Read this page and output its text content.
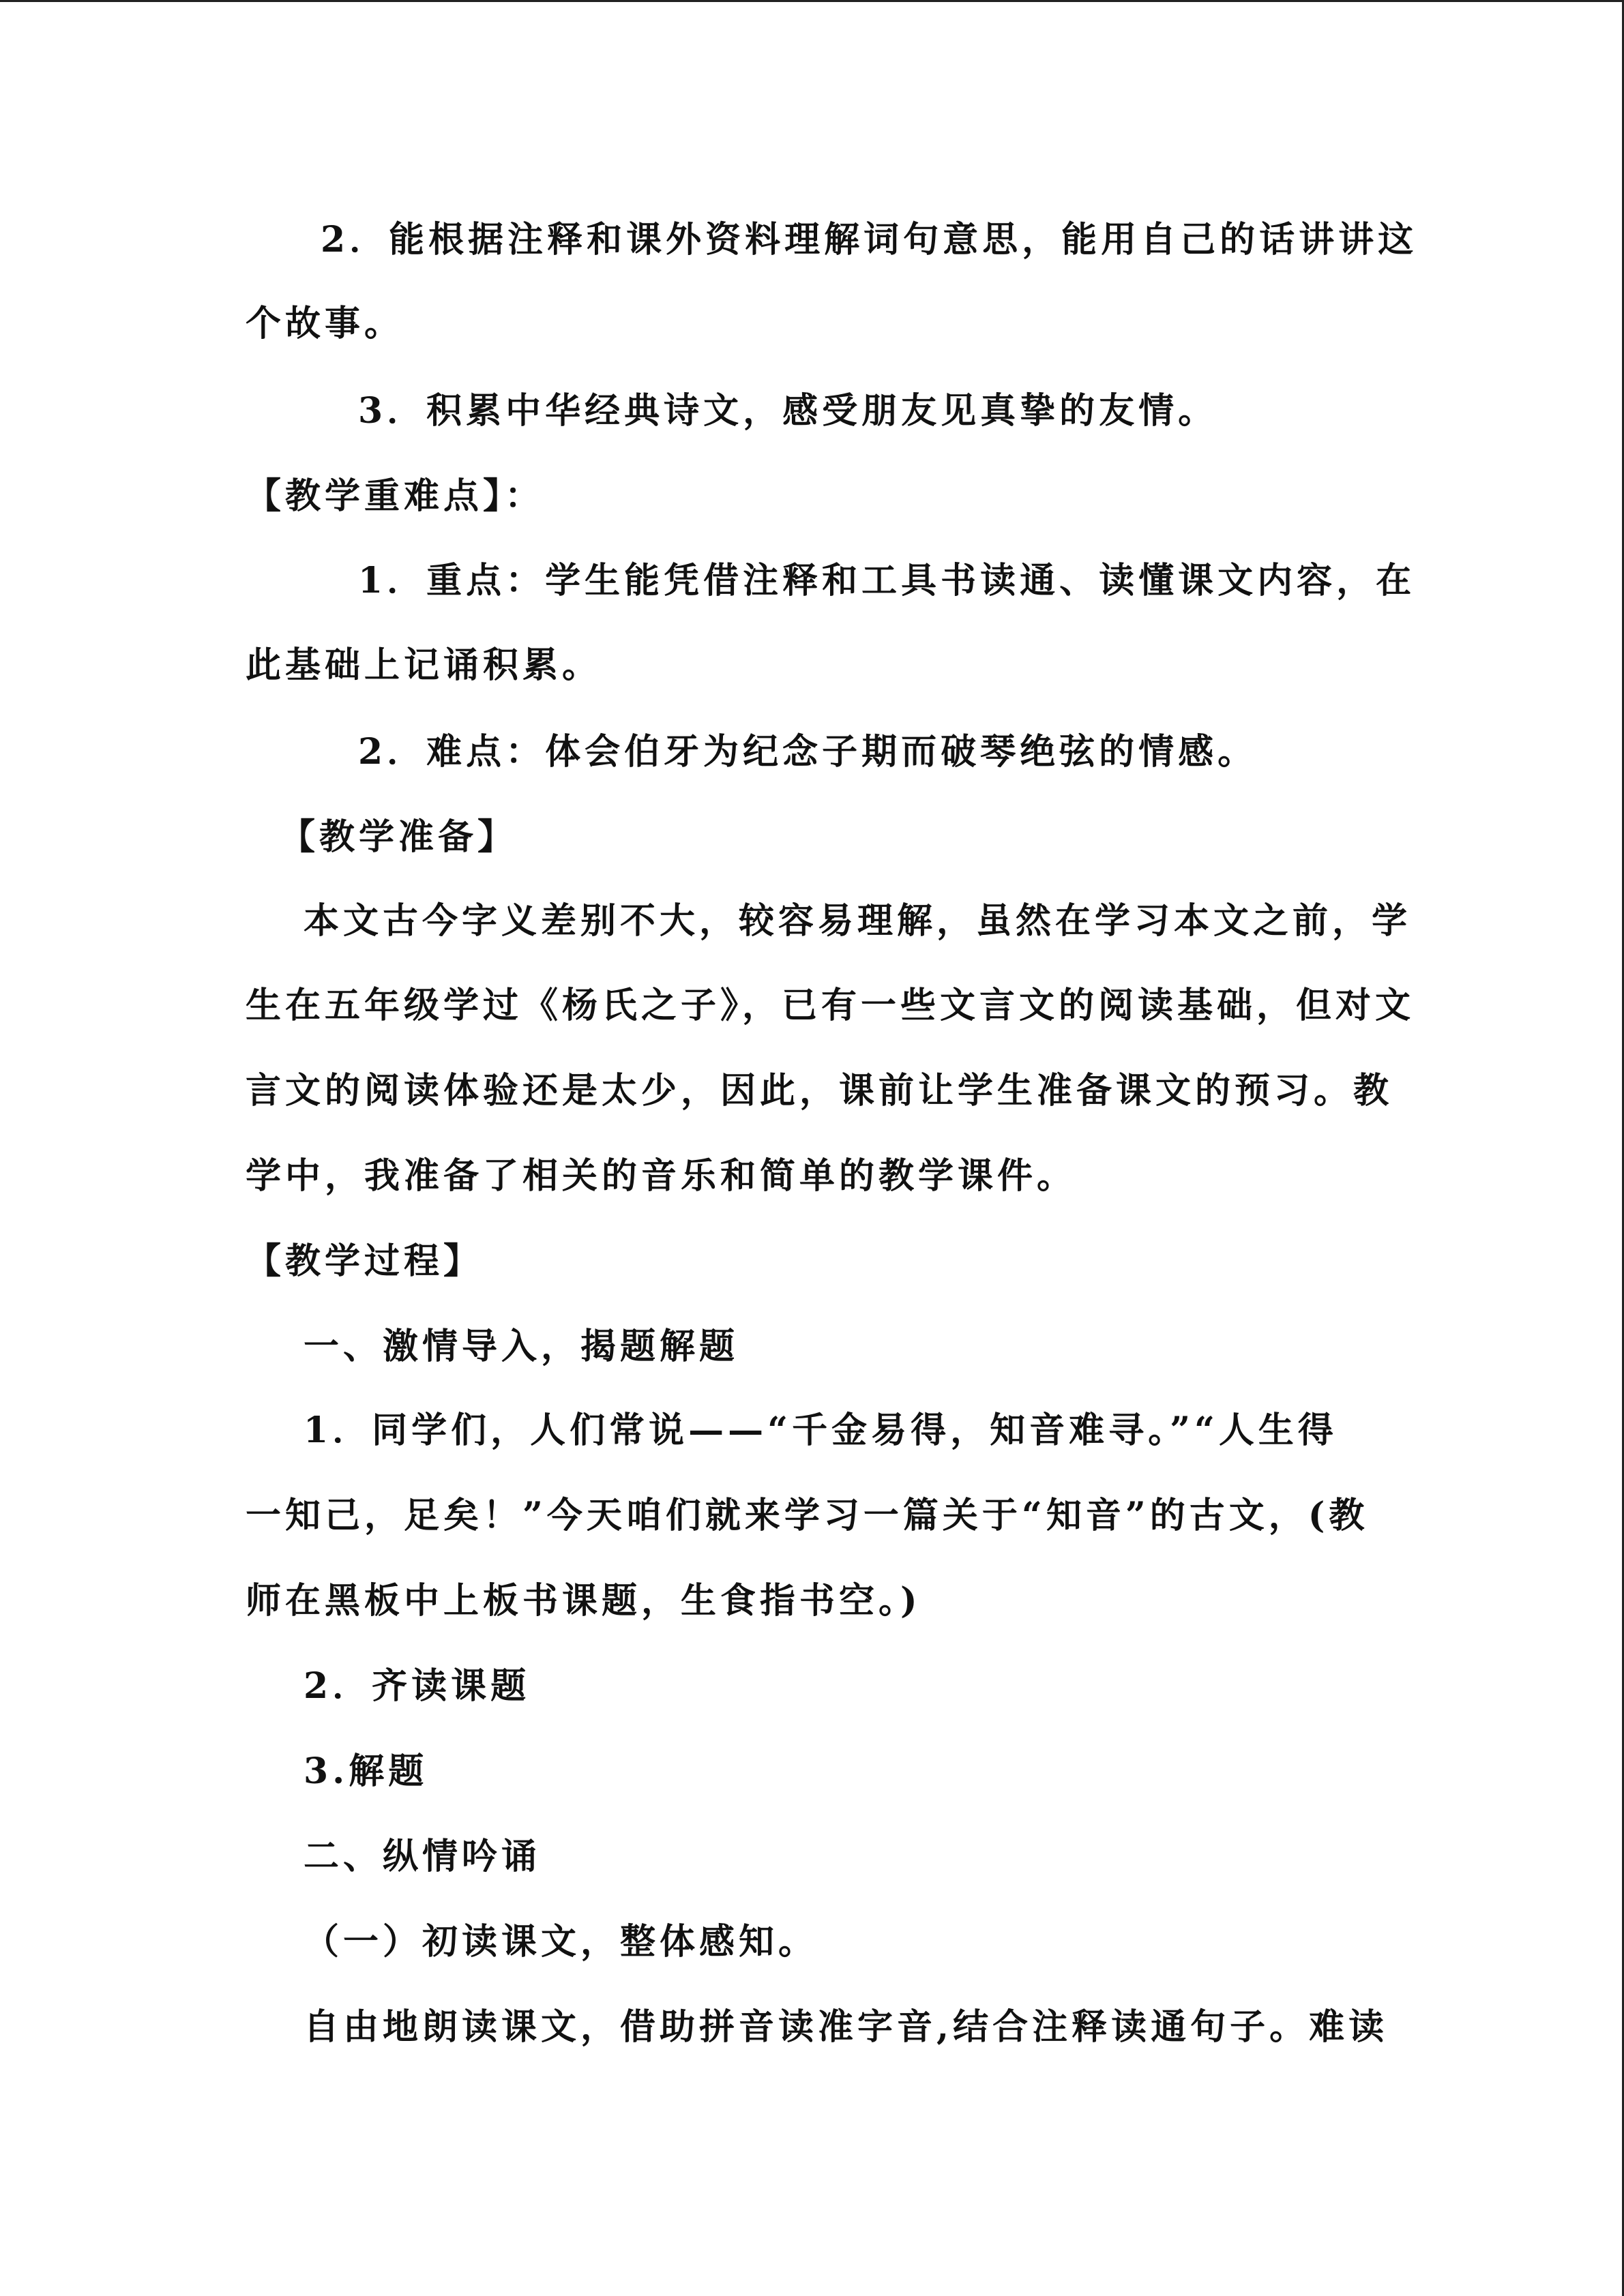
2．能根据注释和课外资料理解词句意思，能用自己的话讲讲这
个故事。
3．积累中华经典诗文，感受朋友见真挚的友情。
【教学重难点】：
1．重点：学生能凭借注释和工具书读通、读懂课文内容，在
此基础上记诵积累。
2．难点：体会伯牙为纪念子期而破琴绝弦的情感。
【教学准备】
本文古今字义差别不大，较容易理解，虽然在学习本文之前，学
生在五年级学过《杨氏之子》，已有一些文言文的阅读基础，但对文
言文的阅读体验还是太少，因此，课前让学生准备课文的预习。教
学中，我准备了相关的音乐和简单的教学课件。
【教学过程】
一、激情导入，揭题解题
1．同学们，人们常说——“千金易得，知音难寻。”“人生得
一知己，足矣！”今天咱们就来学习一篇关于“知音”的古文，(教
师在黑板中上板书课题，生食指书空。)
2．齐读课题
3.解题
二、纵情吟诵
（一）初读课文，整体感知。
自由地朗读课文，借助拼音读准字音,结合注释读通句子。难读
